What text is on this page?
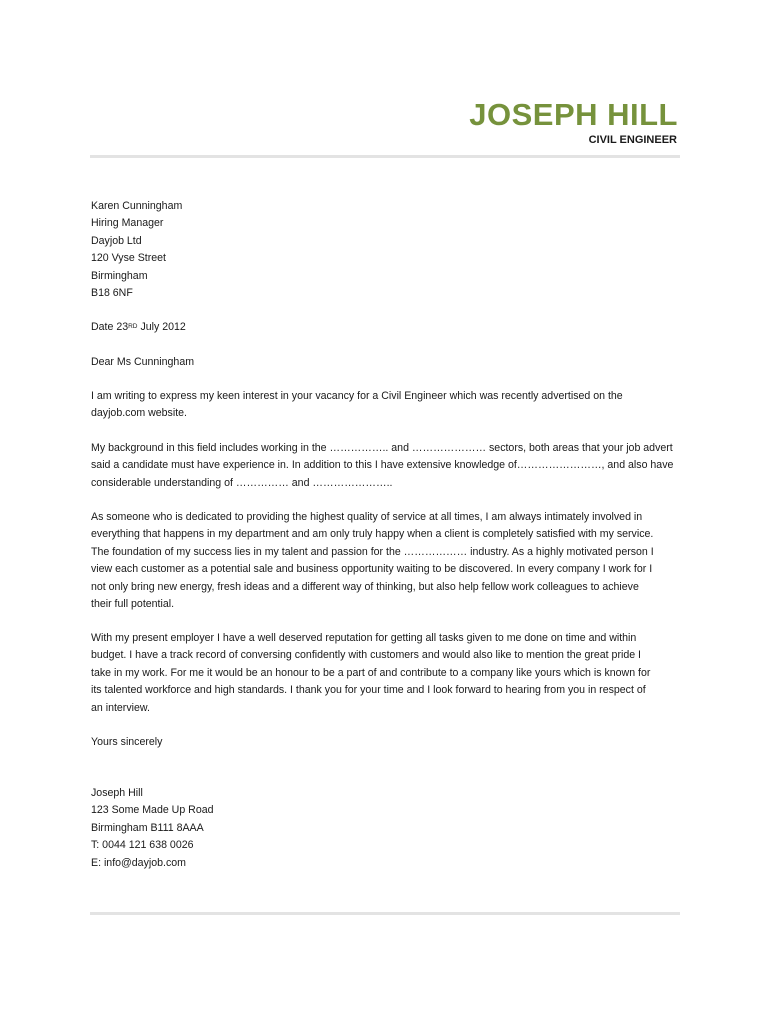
JOSEPH HILL
CIVIL ENGINEER
Karen Cunningham
Hiring Manager
Dayjob Ltd
120 Vyse Street
Birmingham
B18 6NF
Date 23RD July 2012
Dear Ms Cunningham
I am writing to express my keen interest in your vacancy for a Civil Engineer which was recently advertised on the
dayjob.com website.
My background in this field includes working in the …………….. and ………………… sectors, both areas that your job advert
said a candidate must have experience in. In addition to this I have extensive knowledge of……………………, and also have
considerable understanding of …………… and …………………..
As someone who is dedicated to providing the highest quality of service at all times, I am always intimately involved in
everything that happens in my department and am only truly happy when a client is completely satisfied with my service.
The foundation of my success lies in my talent and passion for the ……………… industry. As a highly motivated person I
view each customer as a potential sale and business opportunity waiting to be discovered. In every company I work for I
not only bring new energy, fresh ideas and a different way of thinking, but also help fellow work colleagues to achieve
their full potential.
With my present employer I have a well deserved reputation for getting all tasks given to me done on time and within
budget. I have a track record of conversing confidently with customers and would also like to mention the great pride I
take in my work. For me it would be an honour to be a part of and contribute to a company like yours which is known for
its talented workforce and high standards. I thank you for your time and I look forward to hearing from you in respect of
an interview.
Yours sincerely
Joseph Hill
123 Some Made Up Road
Birmingham B111 8AAA
T: 0044 121 638 0026
E: info@dayjob.com
